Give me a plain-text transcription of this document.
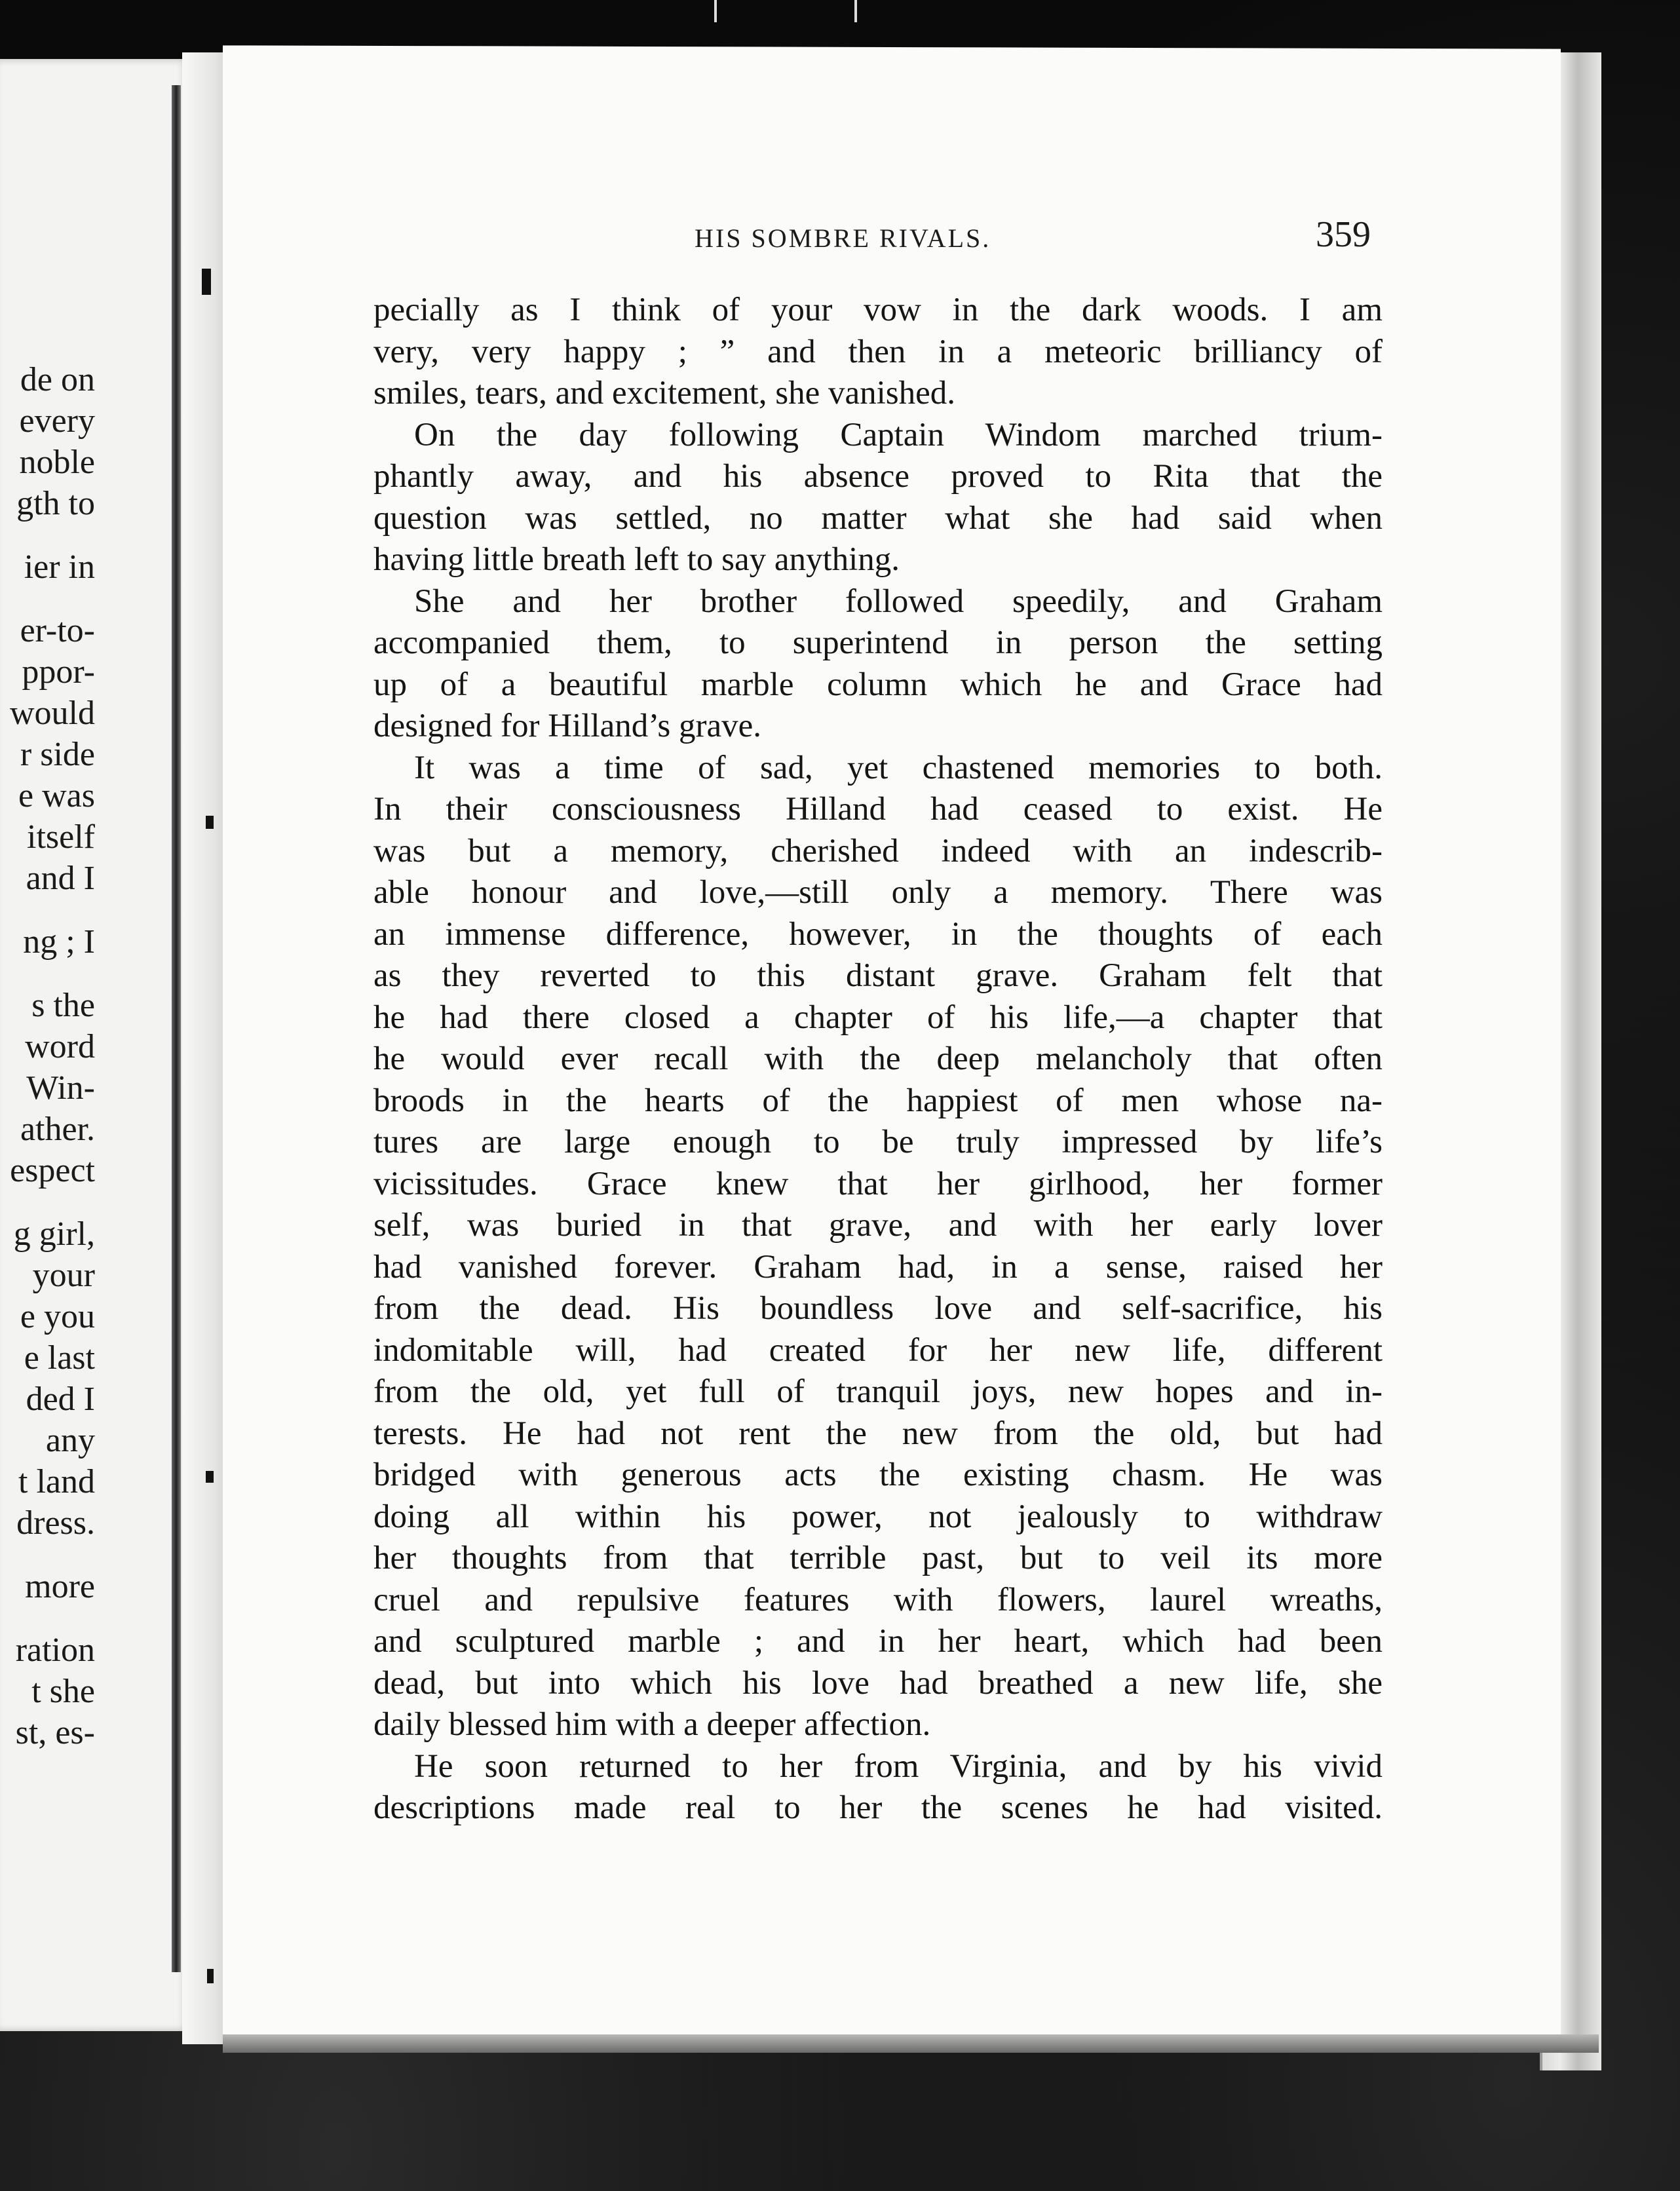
de on
every
noble
gth to
ier in
er-to-
ppor-
would
r side
e was
itself
and I
ng ; I
s the
word
Win-
ather.
espect
g girl,
your
e you
e last
ded I
any
t land
dress.
more
ration
t she
st, es-
HIS SOMBRE RIVALS.	359
pecially as I think of your vow in the dark woods. I am
very, very happy ; ” and then in a meteoric brilliancy of
smiles, tears, and excitement, she vanished.
On the day following Captain Windom marched trium-
phantly away, and his absence proved to Rita that the
question was settled, no matter what she had said when
having little breath left to say anything.
She and her brother followed speedily, and Graham
accompanied them, to superintend in person the setting
up of a beautiful marble column which he and Grace had
designed for Hilland’s grave.
It was a time of sad, yet chastened memories to both.
In their consciousness Hilland had ceased to exist. He
was but a memory, cherished indeed with an indescrib-
able honour and love,—still only a memory. There was
an immense difference, however, in the thoughts of each
as they reverted to this distant grave. Graham felt that
he had there closed a chapter of his life,—a chapter that
he would ever recall with the deep melancholy that often
broods in the hearts of the happiest of men whose na-
tures are large enough to be truly impressed by life’s
vicissitudes. Grace knew that her girlhood, her former
self, was buried in that grave, and with her early lover
had vanished forever. Graham had, in a sense, raised her
from the dead. His boundless love and self-sacrifice, his
indomitable will, had created for her new life, different
from the old, yet full of tranquil joys, new hopes and in-
terests. He had not rent the new from the old, but had
bridged with generous acts the existing chasm. He was
doing all within his power, not jealously to withdraw
her thoughts from that terrible past, but to veil its more
cruel and repulsive features with flowers, laurel wreaths,
and sculptured marble ; and in her heart, which had been
dead, but into which his love had breathed a new life, she
daily blessed him with a deeper affection.
He soon returned to her from Virginia, and by his vivid
descriptions made real to her the scenes he had visited.
